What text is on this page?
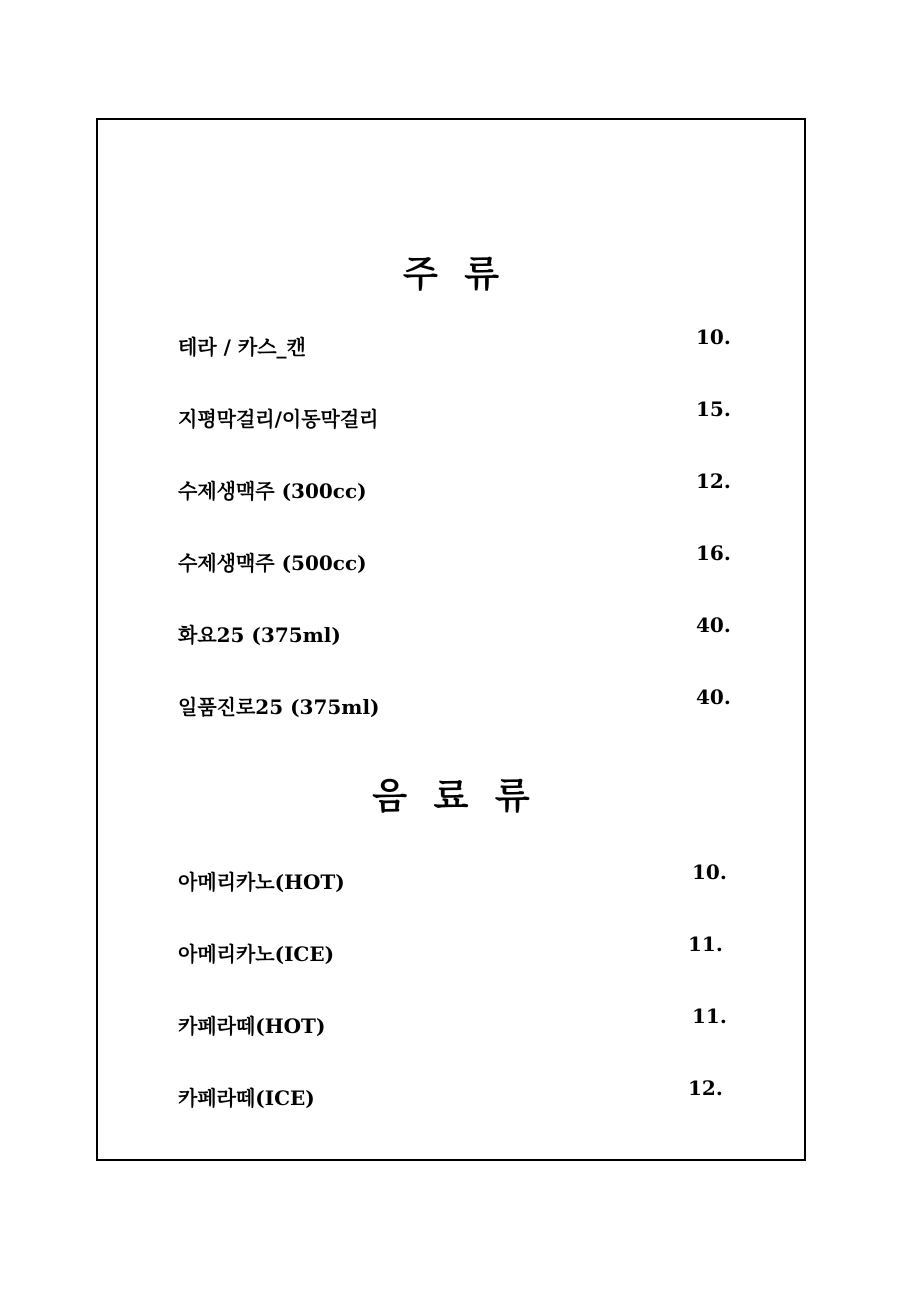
주 류
테라 / 카스_캔	10.
지평막걸리/이동막걸리	15.
수제생맥주 (300cc)	12.
수제생맥주 (500cc)	16.
화요25 (375ml)	40.
일품진로25 (375ml)	40.
음 료 류
아메리카노(HOT)	10.
아메리카노(ICE)	11.
카페라떼(HOT)	11.
카페라떼(ICE)	12.
